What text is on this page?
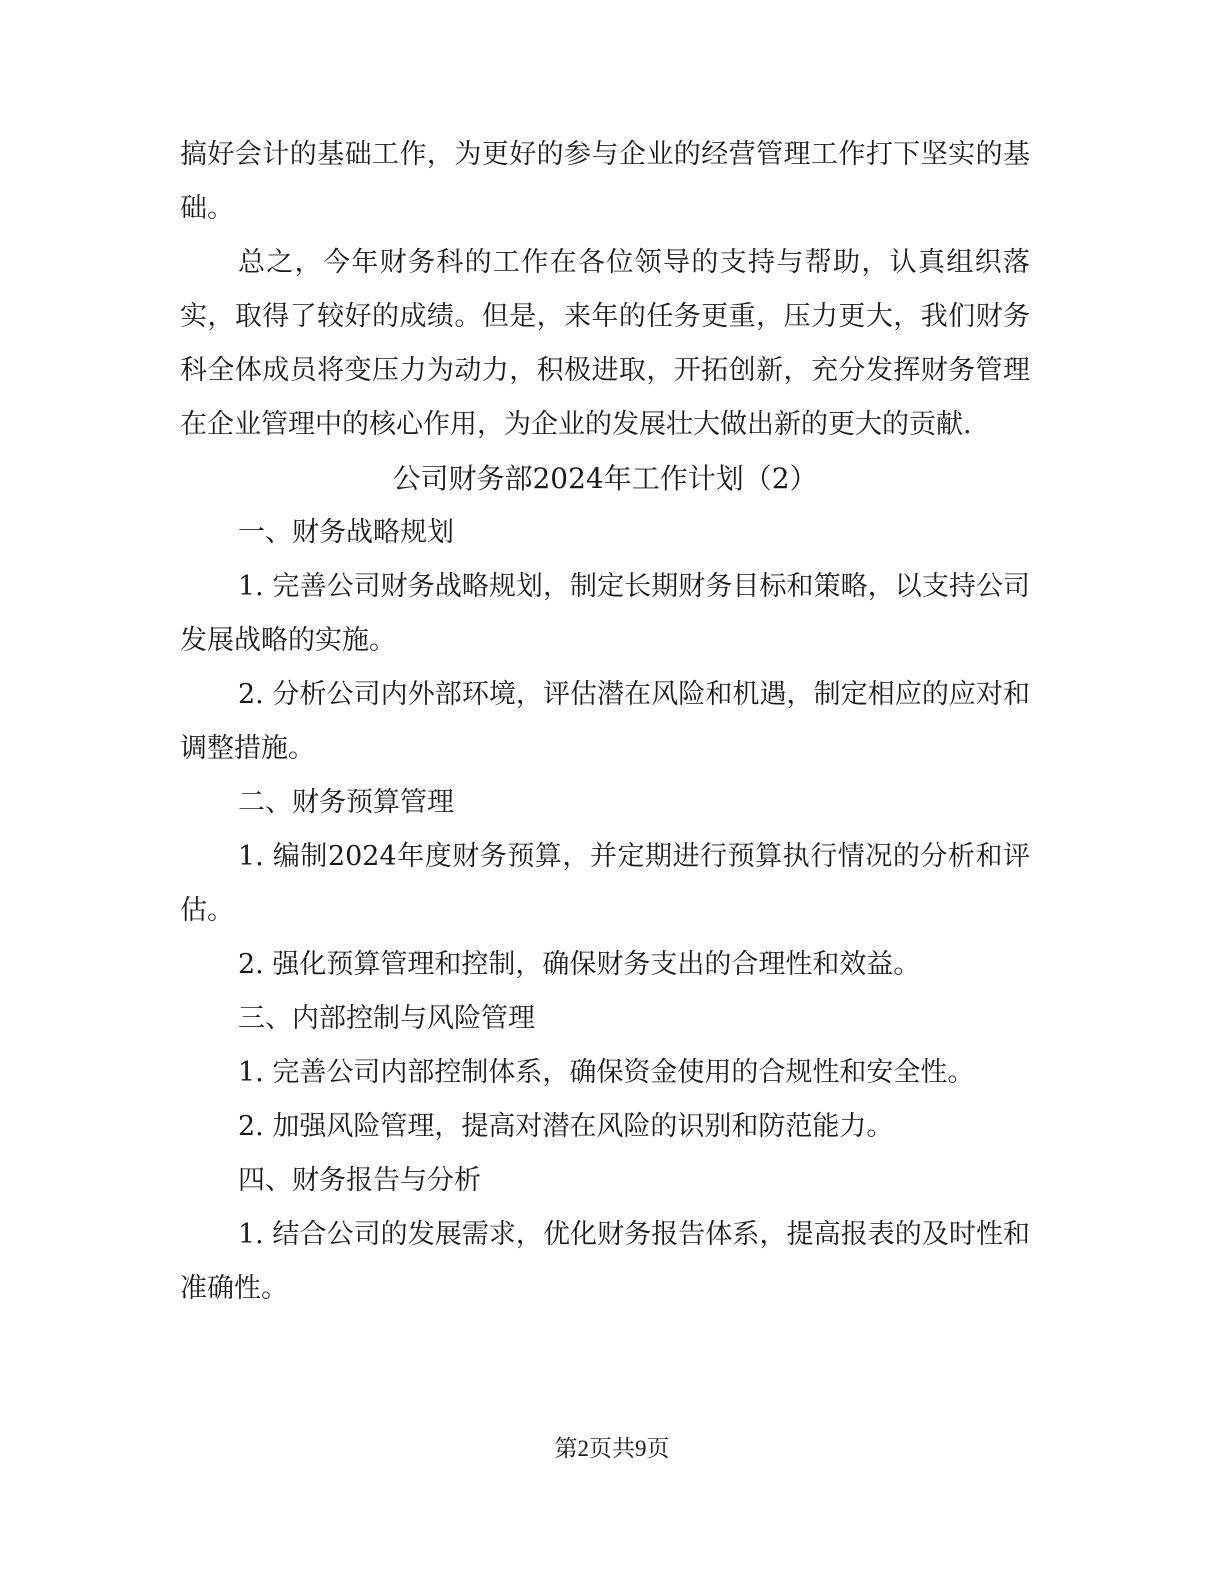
搞好会计的基础工作，为更好的参与企业的经营管理工作打下坚实的基础。

总之，今年财务科的工作在各位领导的支持与帮助，认真组织落实，取得了较好的成绩。但是，来年的任务更重，压力更大，我们财务科全体成员将变压力为动力，积极进取，开拓创新，充分发挥财务管理在企业管理中的核心作用，为企业的发展壮大做出新的更大的贡献.

公司财务部2024年工作计划（2）

一、财务战略规划

1. 完善公司财务战略规划，制定长期财务目标和策略，以支持公司发展战略的实施。

2. 分析公司内外部环境，评估潜在风险和机遇，制定相应的应对和调整措施。

二、财务预算管理

1. 编制2024年度财务预算，并定期进行预算执行情况的分析和评估。

2. 强化预算管理和控制，确保财务支出的合理性和效益。

三、内部控制与风险管理

1. 完善公司内部控制体系，确保资金使用的合规性和安全性。

2. 加强风险管理，提高对潜在风险的识别和防范能力。

四、财务报告与分析

1. 结合公司的发展需求，优化财务报告体系，提高报表的及时性和准确性。

第2页共9页
